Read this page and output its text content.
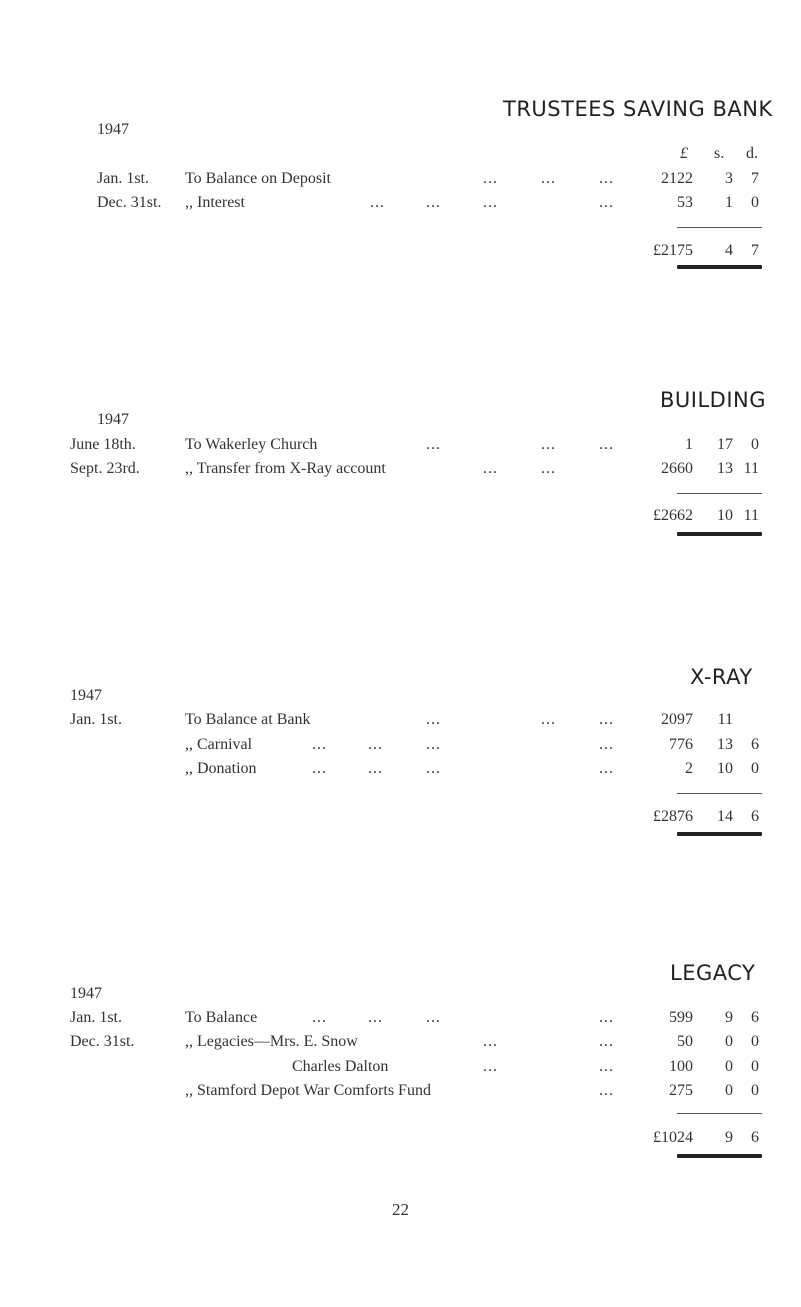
TRUSTEES SAVING BANK
1947
£ s. d.
Jan. 1st. To Balance on Deposit	...	...	...	2122 3 7
Dec. 31st. ,, Interest	...	...	...	...	53 1 0
£2175 4 7
BUILDING
1947
June 18th.	To Wakerley Church	...	...	...	1 17 0
Sept. 23rd.	,, Transfer from X-Ray account	...	...	2660 13 11
£2662 10 11
X-RAY
1947
Jan. 1st.	To Balance at Bank	...	...	...	2097 11
,, Carnival	...	...	...	...	776 13 6
,, Donation	...	...	...	...	2 10 0
£2876 14 6
LEGACY
1947
Jan. 1st.	To Balance	...	...	...	...	599 9 6
Dec. 31st.	,, Legacies—Mrs. E. Snow	...	...	50 0 0
Charles Dalton	...	...	100 0 0
,, Stamford Depot War Comforts Fund	...	275 0 0
£1024 9 6
22
